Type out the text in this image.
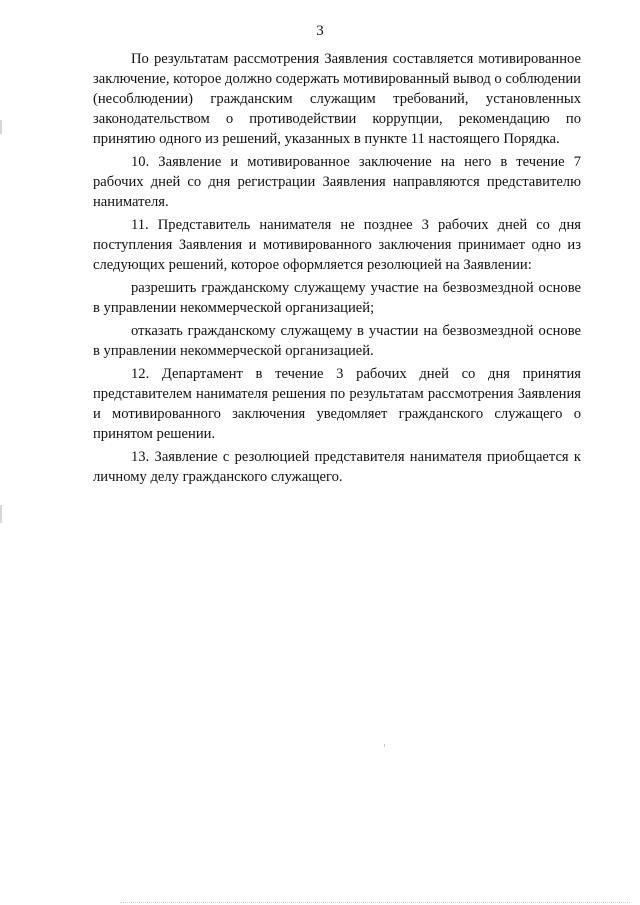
3

По результатам рассмотрения Заявления составляется мотивированное заключение, которое должно содержать мотивированный вывод о соблюдении (несоблюдении) гражданским служащим требований, установленных законодательством о противодействии коррупции, рекомендацию по принятию одного из решений, указанных в пункте 11 настоящего Порядка.

10. Заявление и мотивированное заключение на него в течение 7 рабочих дней со дня регистрации Заявления направляются представителю нанимателя.

11. Представитель нанимателя не позднее 3 рабочих дней со дня поступления Заявления и мотивированного заключения принимает одно из следующих решений, которое оформляется резолюцией на Заявлении:

разрешить гражданскому служащему участие на безвозмездной основе в управлении некоммерческой организацией;

отказать гражданскому служащему в участии на безвозмездной основе в управлении некоммерческой организацией.

12. Департамент в течение 3 рабочих дней со дня принятия представителем нанимателя решения по результатам рассмотрения Заявления и мотивированного заключения уведомляет гражданского служащего о принятом решении.

13. Заявление с резолюцией представителя нанимателя приобщается к личному делу гражданского служащего.
